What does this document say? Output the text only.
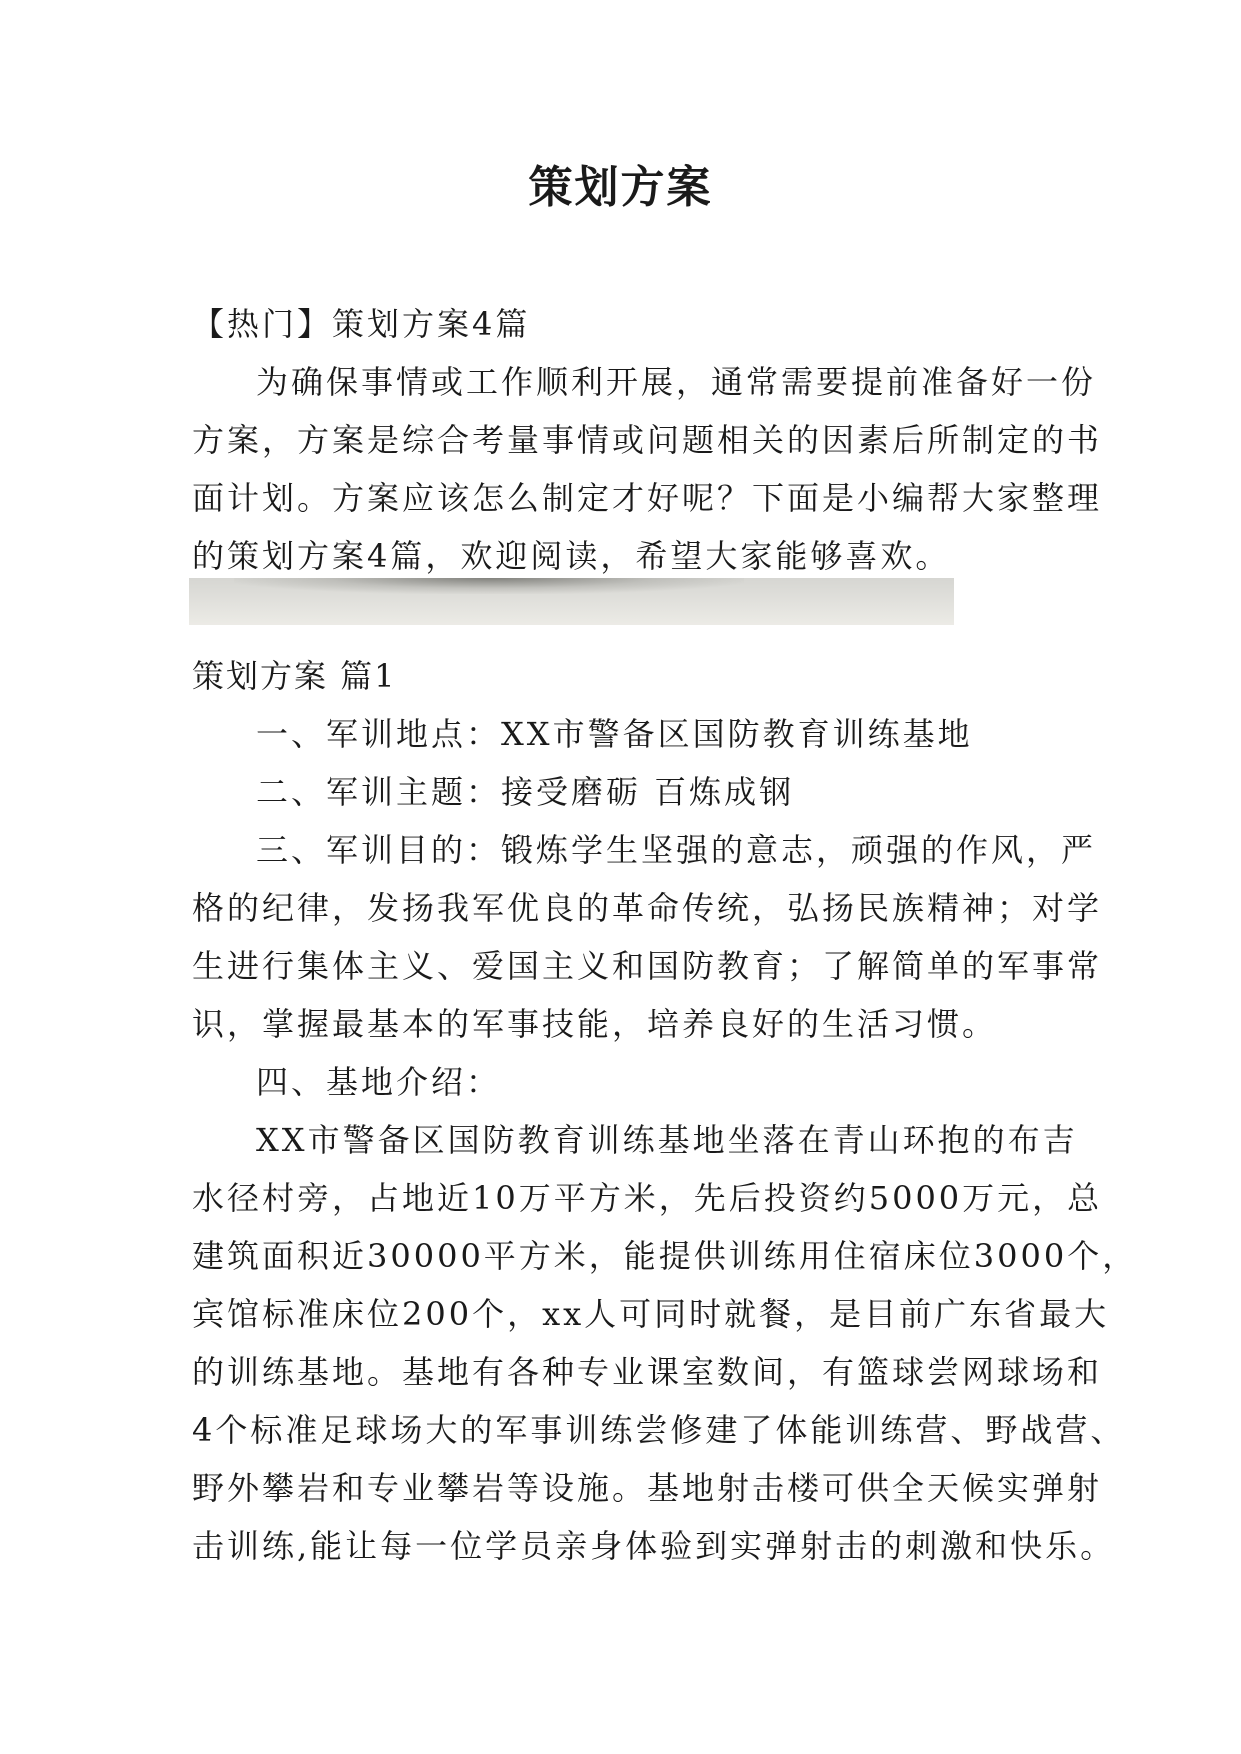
策划方案
【热门】策划方案4篇
为确保事情或工作顺利开展，通常需要提前准备好一份
方案，方案是综合考量事情或问题相关的因素后所制定的书
面计划。方案应该怎么制定才好呢？下面是小编帮大家整理
的策划方案4篇，欢迎阅读，希望大家能够喜欢。
策划方案 篇1
一、军训地点：XX市警备区国防教育训练基地
二、军训主题：接受磨砺 百炼成钢
三、军训目的：锻炼学生坚强的意志，顽强的作风，严
格的纪律，发扬我军优良的革命传统，弘扬民族精神；对学
生进行集体主义、爱国主义和国防教育；了解简单的军事常
识，掌握最基本的军事技能，培养良好的生活习惯。
四、基地介绍：
XX市警备区国防教育训练基地坐落在青山环抱的布吉
水径村旁，占地近10万平方米，先后投资约5000万元，总
建筑面积近30000平方米，能提供训练用住宿床位3000个，
宾馆标准床位200个，xx人可同时就餐，是目前广东省最大
的训练基地。基地有各种专业课室数间，有篮球尝网球场和
4个标准足球场大的军事训练尝修建了体能训练营、野战营、
野外攀岩和专业攀岩等设施。基地射击楼可供全天候实弹射
击训练,能让每一位学员亲身体验到实弹射击的刺激和快乐。
